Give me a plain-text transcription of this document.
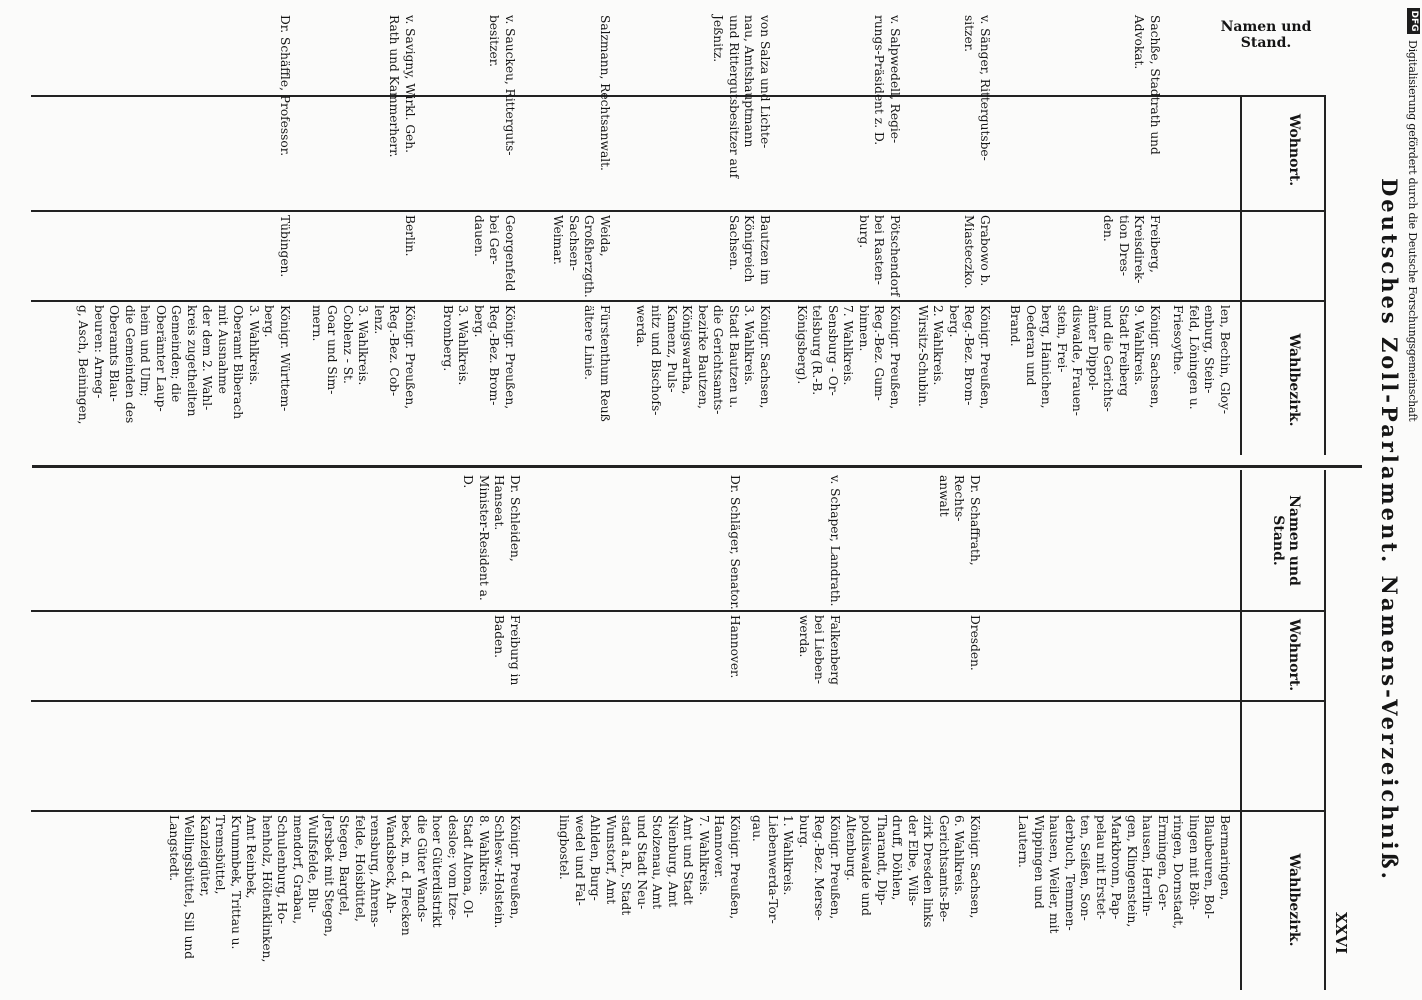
Deutsches Zoll-Parlament. Namens-Verzeichniß.
XXVI
Namen und Stand.
Wohnort.
Wahlbezirk.
len, Bechin, Gloy-
enburg, Stein-
feld, Löningen u.
Friesoythe.
Sachße, Stadtrath und
Advokat.
Freiberg,
Kreisdirek-
tion Dres-
den.
Königr. Sachsen,
9. Wahlkreis.
Stadt Freiberg
und die Gerichts-
ämter Dippol-
diswalde, Frauen-
stein, Frei-
berg, Hainichen,
Oederan und
Brand.
v. Sänger, Rittergutsbe-
sitzer.
Grabowo b.
Miasteczko.
Königr. Preußen,
Reg.-Bez. Brom-
berg.
2. Wahlkreis.
Wirsitz-Schubin.
v. Salpwedell, Regie-
rungs-Präsident z. D.
Pötschendorf
bei Rasten-
burg.
Königr. Preußen,
Reg.-Bez. Gum-
binnen.
7. Wahlkreis.
Sensburg - Or-
telsburg (R.-B.
Königsberg).
von Salza und Lichte-
nau, Amtshauptmann
und Rittergutsbesitzer auf
Jeßnitz.
Bautzen im
Königreich
Sachsen.
Königr. Sachsen,
3. Wahlkreis.
Stadt Bautzen u.
die Gerichtsamts-
bezirke Bautzen,
Königswartha,
Kamenz, Puls-
nitz und Bischofs-
werda.
Salzmann, Rechtsanwalt.
Weida,
Großherzgth.
Sachsen-
Weimar.
Fürstenthum Reuß
ältere Linie.
v. Sauckeu, Ritterguts-
besitzer.
Georgenfeld
bei Ger-
dauen.
Königr. Preußen,
Reg.-Bez. Brom-
berg.
3. Wahlkreis.
Bromberg.
v. Savigny, Wirkl. Geh.
Rath und Kammerherr.
Berlin.
Königr. Preußen,
Reg.-Bez. Cob-
lenz.
3. Wahlkreis.
Coblenz - St.
Goar und Sim-
mern.
Dr. Schäffle, Professor.
Tübingen.
Königr. Württem-
berg.
3. Wahlkreis.
Oberamt Biberach
mit Ausnahme
der dem 2. Wahl-
kreis zugetheilten
Gemeinden; die
Oberämter Laup-
heim und Ulm;
die Gemeinden des
Oberamts Blau-
beuren: Arneg-
g, Asch, Beiningen,
Namen und Stand.
Wohnort.
Wahlbezirk.
Bermaringen,
Blaubeuren, Bol-
lingen mit Böh-
ringen, Dornstadt,
Ermingen, Ger-
hausen, Herrlin-
gen, Klingenstein,
Markbronn, Pap-
pelau mit Erstet-
ten, Seißen, Son-
derbuch, Temmen-
hausen, Weiler, mit
Wippingen und
Lautern.
Dr. Schaffrath, Rechts-
anwalt
Dresden.
Königr. Sachsen,
6. Wahlkreis.
Gerichtsamts-Be-
zirk Dresden links
der Elbe, Wils-
druff, Döhlen,
Tharandt, Dip-
poldiswalde und
Altenburg.
v. Schaper, Landrath.
Falkenberg
bei Lieben-
werda.
Königr. Preußen,
Reg.-Bez. Merse-
burg.
1. Wahlkreis.
Liebenwerda-Tor-
gau.
Dr. Schläger, Senator.
Hannover.
Königr. Preußen,
Hannover.
7. Wahlkreis.
Amt und Stadt
Nienburg, Amt
Stolzenau, Amt
und Stadt Neu-
stadt a.R., Stadt
Wunstorf, Amt
Ahlden, Burg-
wedel und Fal-
lingbostel.
Dr. Schleiden, Hanseat.
Minister-Resident a. D.
Freiburg in
Baden.
Königr. Preußen,
Schlesw.-Holstein.
8. Wahlkreis.
Stadt Altona, Ol-
desloe; vom Itze-
hoer Güterdistrikt
die Güter Wands-
beck, m. d. Flecken
Wandsbeck, Ah-
rensburg, Ahrens-
felde, Hoisbüttel,
Stegen, Bargtel,
Jersbek mit Stegen,
Wulfsfelde, Blu-
mendorf, Grabau,
Schulenburg, Ho-
henholz, Höltenklinken,
Amt Reinbek,
Krummbek, Trittau u. Tremsbüttel,
Kanzleigüter,
Wellingsbüttel, Sill und
Langstedt.
DFG
Digitalisierung gefördert durch die Deutsche Forschungsgemeinschaft
